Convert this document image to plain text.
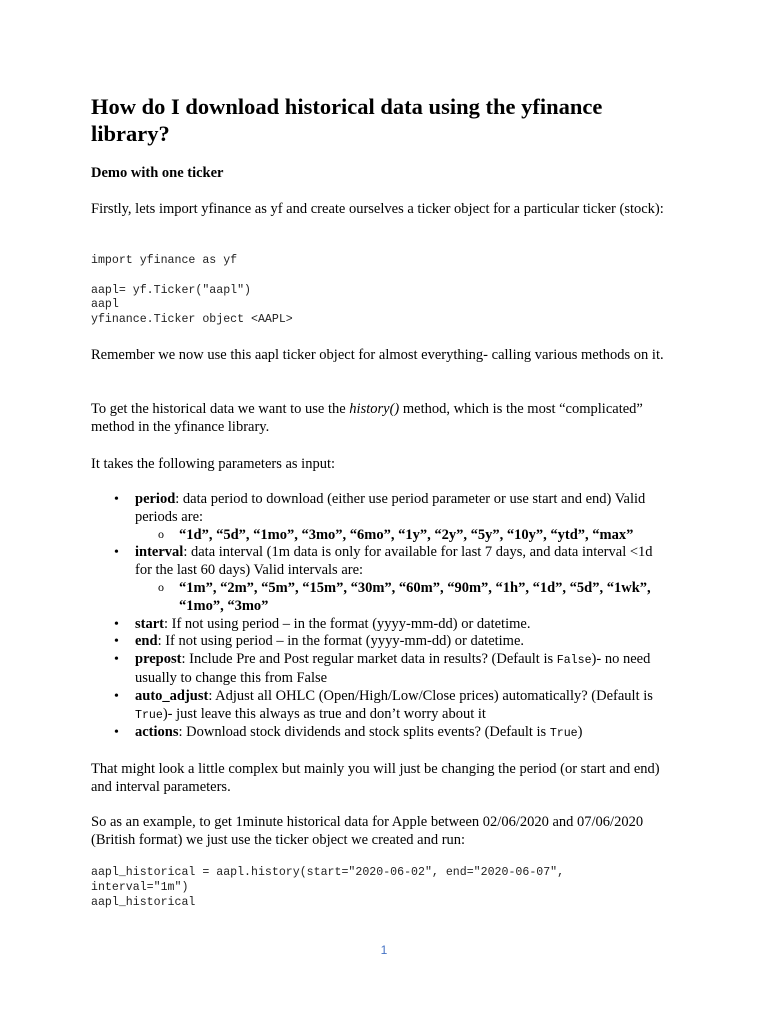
How do I download historical data using the yfinance library?

Demo with one ticker

Firstly, lets import yfinance as yf and create ourselves a ticker object for a particular ticker (stock):

import yfinance as yf

aapl= yf.Ticker("aapl")
aapl
yfinance.Ticker object <AAPL>

Remember we now use this aapl ticker object for almost everything- calling various methods on it.

To get the historical data we want to use the history() method, which is the most “complicated” method in the yfinance library.

It takes the following parameters as input:

• period: data period to download (either use period parameter or use start and end) Valid periods are:
o “1d”, “5d”, “1mo”, “3mo”, “6mo”, “1y”, “2y”, “5y”, “10y”, “ytd”, “max”
• interval: data interval (1m data is only for available for last 7 days, and data interval <1d for the last 60 days) Valid intervals are:
o “1m”, “2m”, “5m”, “15m”, “30m”, “60m”, “90m”, “1h”, “1d”, “5d”, “1wk”, “1mo”, “3mo”
• start: If not using period – in the format (yyyy-mm-dd) or datetime.
• end: If not using period – in the format (yyyy-mm-dd) or datetime.
• prepost: Include Pre and Post regular market data in results? (Default is False)- no need usually to change this from False
• auto_adjust: Adjust all OHLC (Open/High/Low/Close prices) automatically? (Default is True)- just leave this always as true and don’t worry about it
• actions: Download stock dividends and stock splits events? (Default is True)

That might look a little complex but mainly you will just be changing the period (or start and end) and interval parameters.

So as an example, to get 1minute historical data for Apple between 02/06/2020 and 07/06/2020 (British format) we just use the ticker object we created and run:

aapl_historical = aapl.history(start="2020-06-02", end="2020-06-07",
interval="1m")
aapl_historical
1
